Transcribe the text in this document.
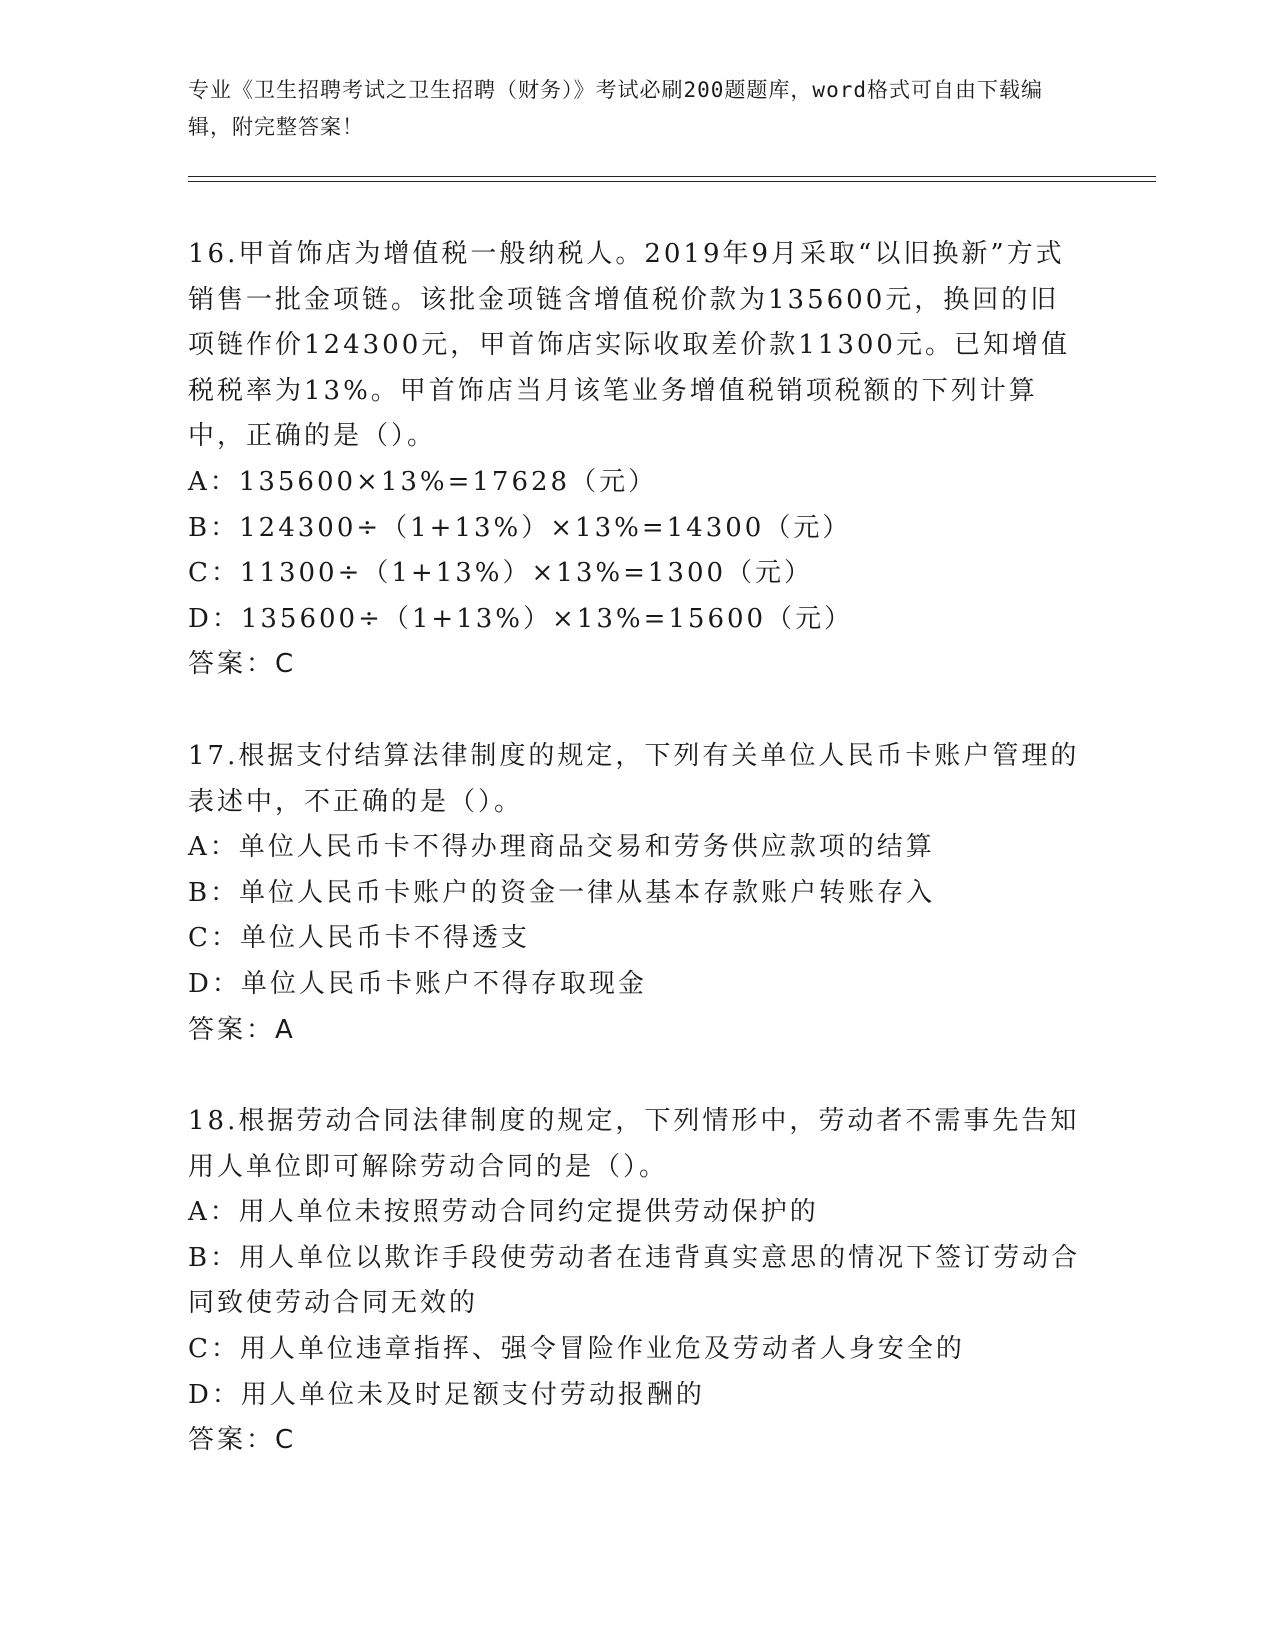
专业《卫生招聘考试之卫生招聘（财务）》考试必刷200题题库，word格式可自由下载编辑，附完整答案！

16.甲首饰店为增值税一般纳税人。2019年9月采取“以旧换新”方式销售一批金项链。该批金项链含增值税价款为135600元，换回的旧项链作价124300元，甲首饰店实际收取差价款11300元。已知增值税税率为13%。甲首饰店当月该笔业务增值税销项税额的下列计算中，正确的是（）。

A：135600×13%=17628（元）

B：124300÷（1+13%）×13%=14300（元）

C：11300÷（1+13%）×13%=1300（元）

D：135600÷（1+13%）×13%=15600（元）

答案：C

17.根据支付结算法律制度的规定，下列有关单位人民币卡账户管理的表述中，不正确的是（）。

A：单位人民币卡不得办理商品交易和劳务供应款项的结算

B：单位人民币卡账户的资金一律从基本存款账户转账存入

C：单位人民币卡不得透支

D：单位人民币卡账户不得存取现金

答案：A

18.根据劳动合同法律制度的规定，下列情形中，劳动者不需事先告知用人单位即可解除劳动合同的是（）。

A：用人单位未按照劳动合同约定提供劳动保护的

B：用人单位以欺诈手段使劳动者在违背真实意思的情况下签订劳动合同致使劳动合同无效的

C：用人单位违章指挥、强令冒险作业危及劳动者人身安全的

D：用人单位未及时足额支付劳动报酬的

答案：C
